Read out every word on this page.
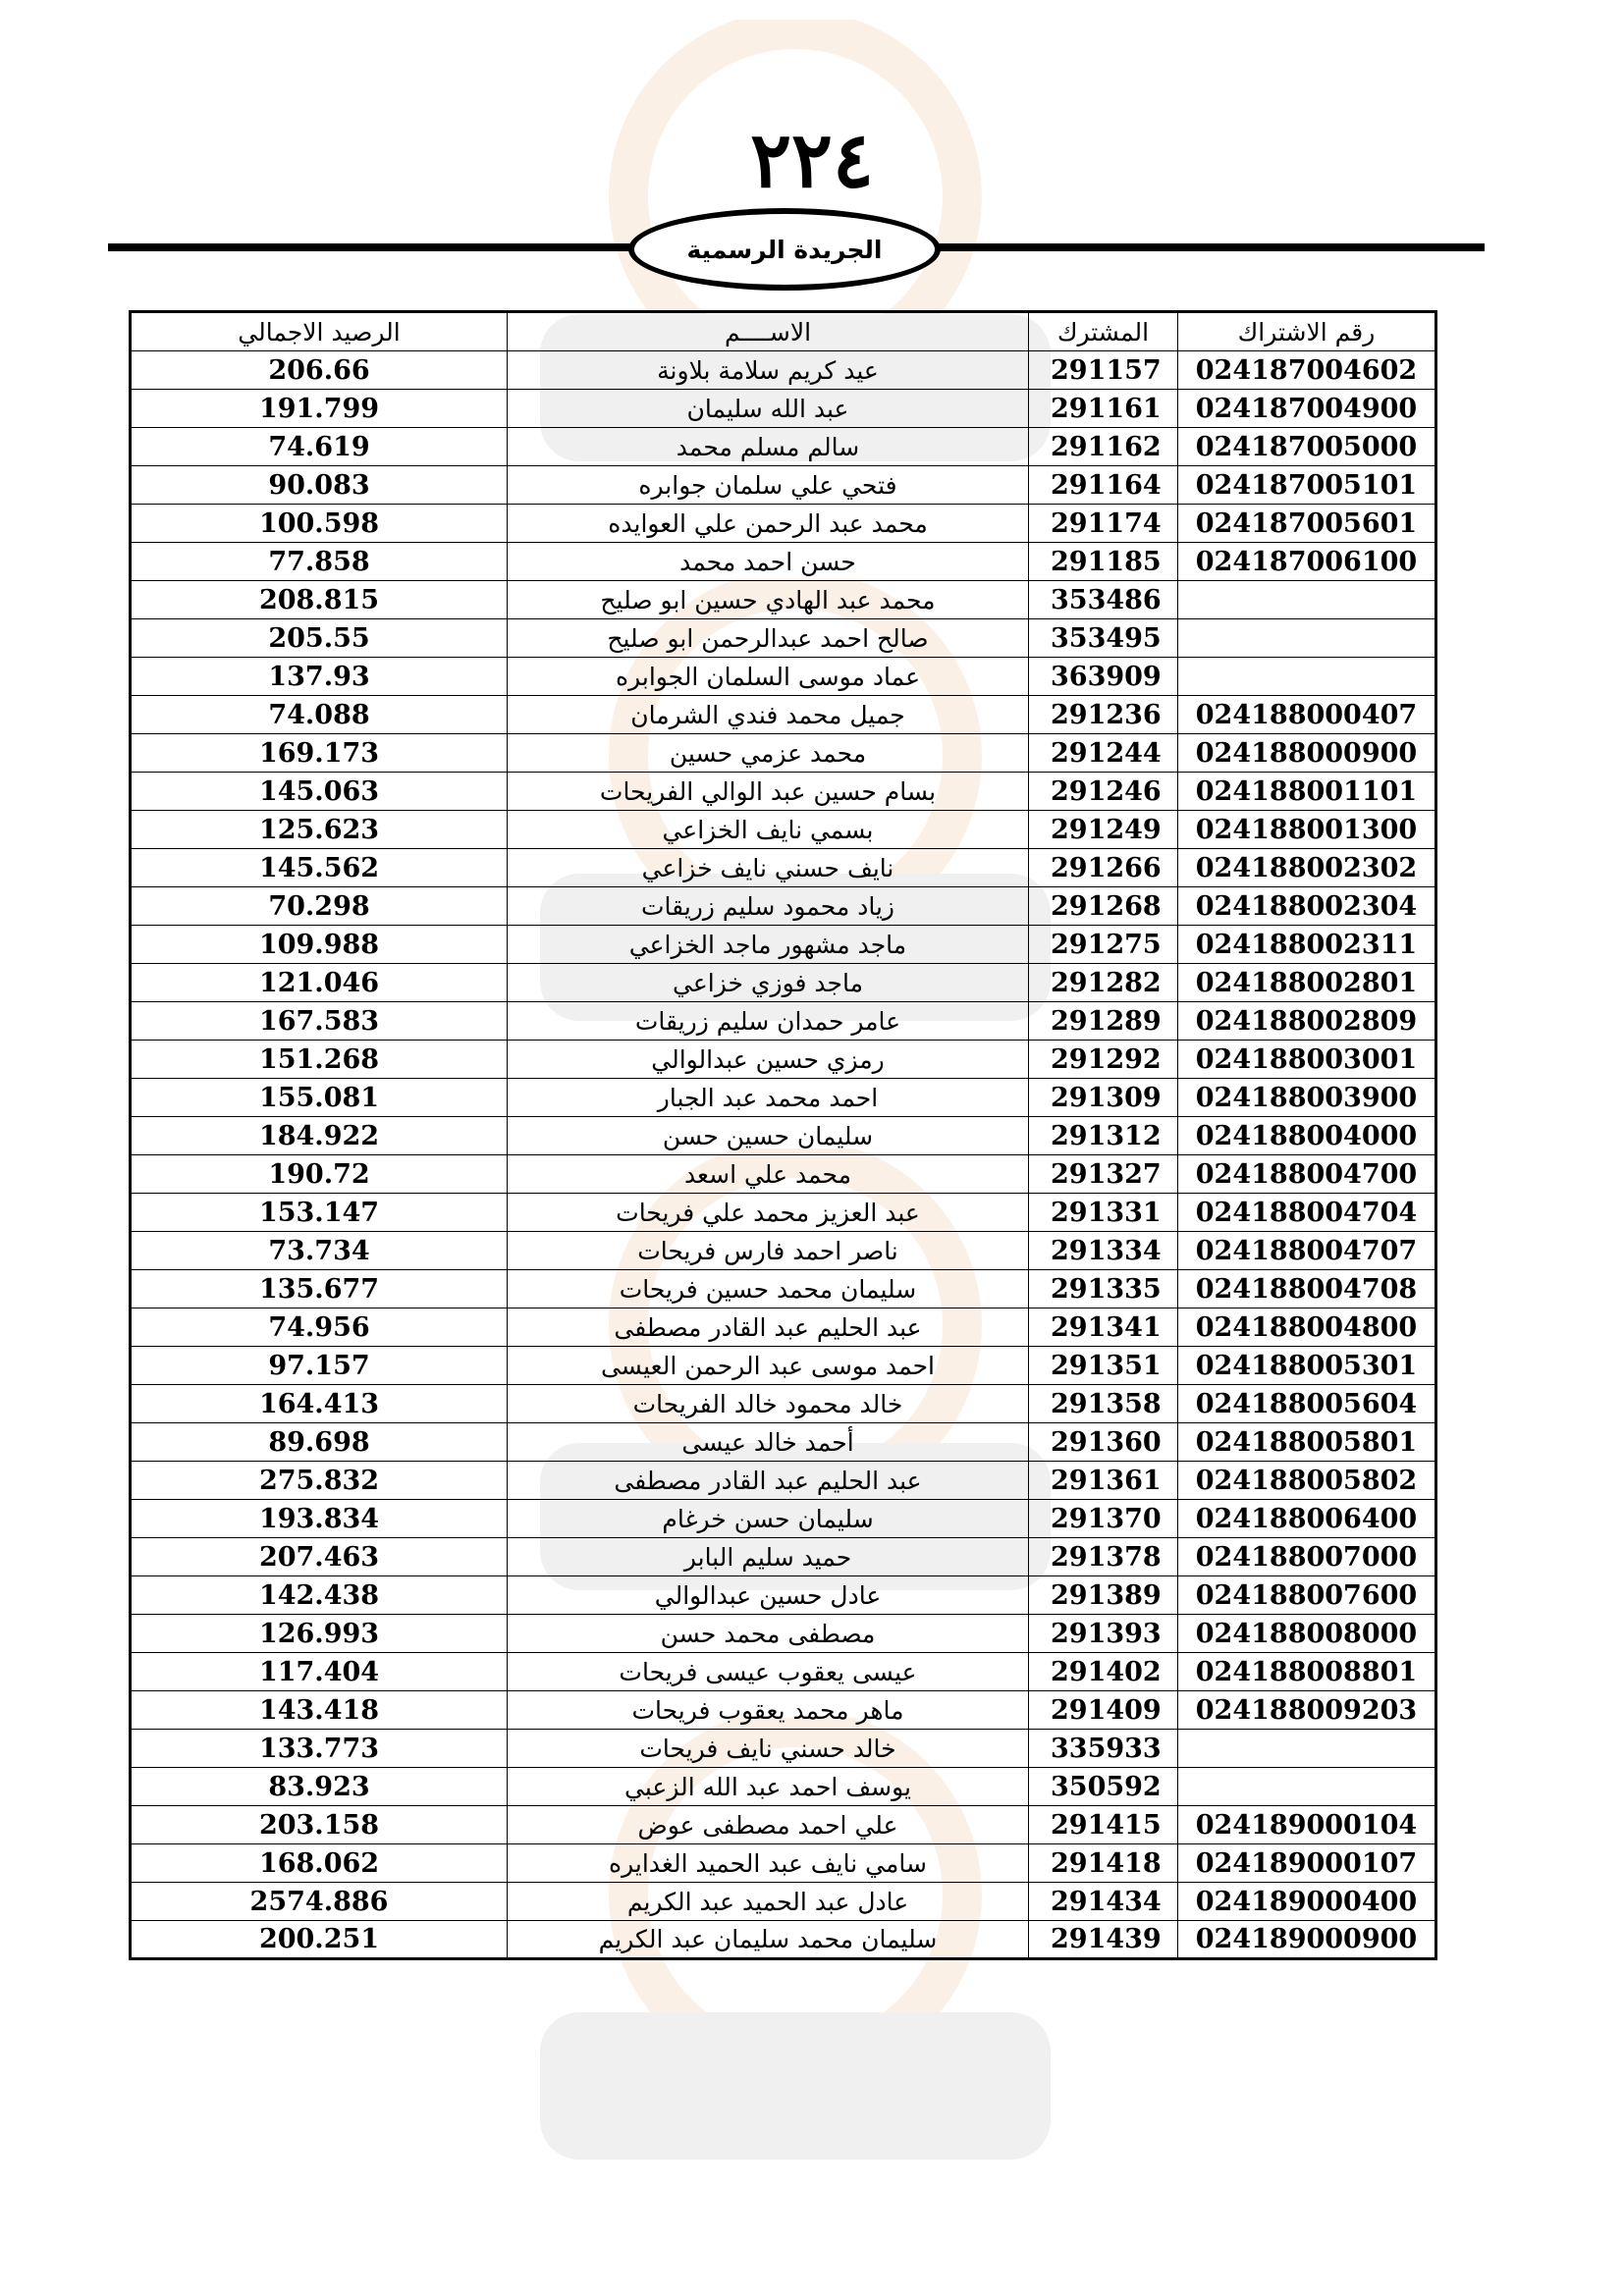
٢٢٤
الجريدة الرسمية
الرصيد الاجمالي	الاســــم	المشترك	رقم الاشتراك
206.66	عيد كريم سلامة بلاونة	291157	024187004602
191.799	عبد الله سليمان	291161	024187004900
74.619	سالم مسلم محمد	291162	024187005000
90.083	فتحي علي سلمان جوابره	291164	024187005101
100.598	محمد عبد الرحمن علي العوايده	291174	024187005601
77.858	حسن احمد محمد	291185	024187006100
208.815	محمد عبد الهادي حسين ابو صليح	353486	
205.55	صالح احمد عبدالرحمن ابو صليح	353495	
137.93	عماد موسى السلمان الجوابره	363909	
74.088	جميل محمد فندي الشرمان	291236	024188000407
169.173	محمد عزمي حسين	291244	024188000900
145.063	بسام حسين عبد الوالي الفريحات	291246	024188001101
125.623	بسمي نايف الخزاعي	291249	024188001300
145.562	نايف حسني نايف خزاعي	291266	024188002302
70.298	زياد محمود سليم زريقات	291268	024188002304
109.988	ماجد مشهور ماجد الخزاعي	291275	024188002311
121.046	ماجد فوزي خزاعي	291282	024188002801
167.583	عامر حمدان سليم زريقات	291289	024188002809
151.268	رمزي حسين عبدالوالي	291292	024188003001
155.081	احمد محمد عبد الجبار	291309	024188003900
184.922	سليمان حسين حسن	291312	024188004000
190.72	محمد علي اسعد	291327	024188004700
153.147	عبد العزيز محمد علي فريحات	291331	024188004704
73.734	ناصر احمد فارس فريحات	291334	024188004707
135.677	سليمان محمد حسين فريحات	291335	024188004708
74.956	عبد الحليم عبد القادر مصطفى	291341	024188004800
97.157	احمد موسى عبد الرحمن العيسى	291351	024188005301
164.413	خالد محمود خالد الفريحات	291358	024188005604
89.698	أحمد خالد عيسى	291360	024188005801
275.832	عبد الحليم عبد القادر مصطفى	291361	024188005802
193.834	سليمان حسن خرغام	291370	024188006400
207.463	حميد سليم البابر	291378	024188007000
142.438	عادل حسين عبدالوالي	291389	024188007600
126.993	مصطفى محمد حسن	291393	024188008000
117.404	عيسى يعقوب عيسى فريحات	291402	024188008801
143.418	ماهر محمد يعقوب فريحات	291409	024188009203
133.773	خالد حسني نايف فريحات	335933	
83.923	يوسف احمد عبد الله الزعبي	350592	
203.158	علي احمد مصطفى عوض	291415	024189000104
168.062	سامي نايف عبد الحميد الغدايره	291418	024189000107
2574.886	عادل عبد الحميد عبد الكريم	291434	024189000400
200.251	سليمان محمد سليمان عبد الكريم	291439	024189000900
